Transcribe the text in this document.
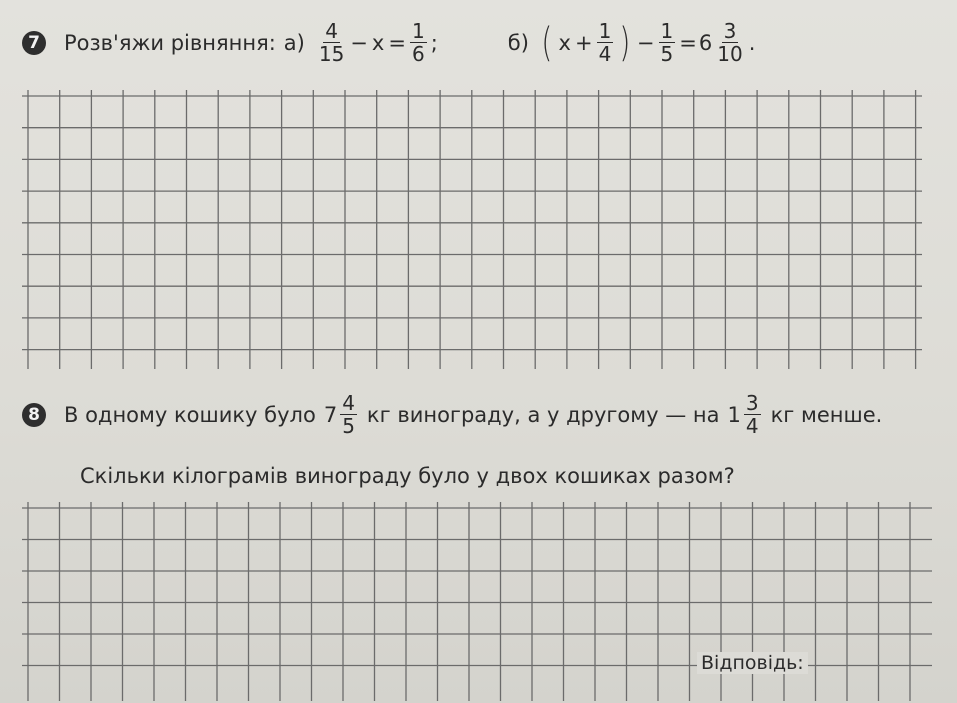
7 Розв'яжи рівняння: $а) \frac{4}{15} - x = \frac{1}{6}$ ;	б) ( $x + \frac{1}{4}$ ) − $\frac{1}{5} = 6 \frac{3}{10}$ .
8 В одному кошику було $7 \frac{4}{5}$ кг винограду, а у другому — на $1 \frac{3}{4}$ кг менше.
Скільки кілограмів винограду було у двох кошиках разом?
Відповідь:
